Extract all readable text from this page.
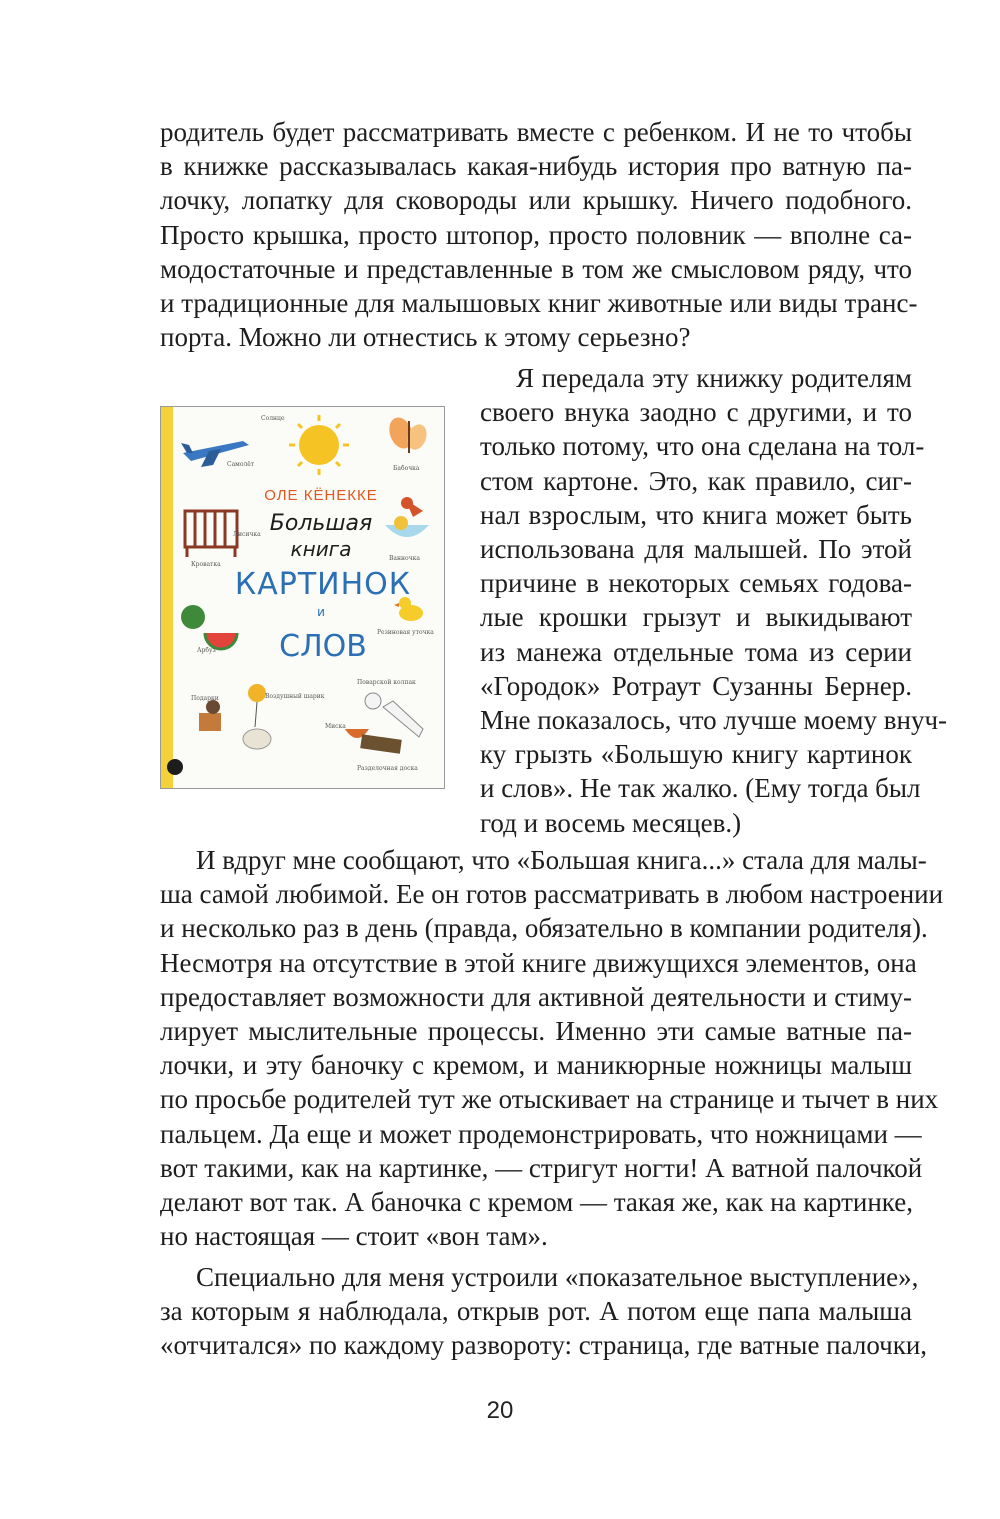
родитель будет рассматривать вместе с ребенком. И не то чтобы
в книжке рассказывалась какая-нибудь история про ватную па-
лочку, лопатку для сковороды или крышку. Ничего подобного.
Просто крышка, просто штопор, просто половник — вполне са-
модостаточные и представленные в том же смысловом ряду, что
и традиционные для малышовых книг животные или виды транс-
порта. Можно ли отнестись к этому серьезно?
Я передала эту книжку родителям
своего внука заодно с другими, и то
только потому, что она сделана на тол-
стом картоне. Это, как правило, сиг-
нал взрослым, что книга может быть
использована для малышей. По этой
причине в некоторых семьях годова-
лые крошки грызут и выкидывают
из манежа отдельные тома из серии
«Городок» Ротраут Сузанны Бернер.
Мне показалось, что лучше моему внуч-
ку грызть «Большую книгу картинок
и слов». Не так жалко. (Ему тогда был
год и восемь месяцев.)
ОЛЕ КЁНЕККЕ
Большая
книга
КАРТИНОК
и
СЛОВ
Солнце
Самолёт
Бабочка
Кроватка
Лисичка
Ванночка
Арбуз
Резиновая уточка
Подарки	Воздушный шарик
Поварской колпак
Миска
Разделочная доска
И вдруг мне сообщают, что «Большая книга...» стала для малы-
ша самой любимой. Ее он готов рассматривать в любом настроении
и несколько раз в день (правда, обязательно в компании родителя).
Несмотря на отсутствие в этой книге движущихся элементов, она
предоставляет возможности для активной деятельности и стиму-
лирует мыслительные процессы. Именно эти самые ватные па-
лочки, и эту баночку с кремом, и маникюрные ножницы малыш
по просьбе родителей тут же отыскивает на странице и тычет в них
пальцем. Да еще и может продемонстрировать, что ножницами —
вот такими, как на картинке, — стригут ногти! А ватной палочкой
делают вот так. А баночка с кремом — такая же, как на картинке,
но настоящая — стоит «вон там».
Специально для меня устроили «показательное выступление»,
за которым я наблюдала, открыв рот. А потом еще папа малыша
«отчитался» по каждому развороту: страница, где ватные палочки,
20
